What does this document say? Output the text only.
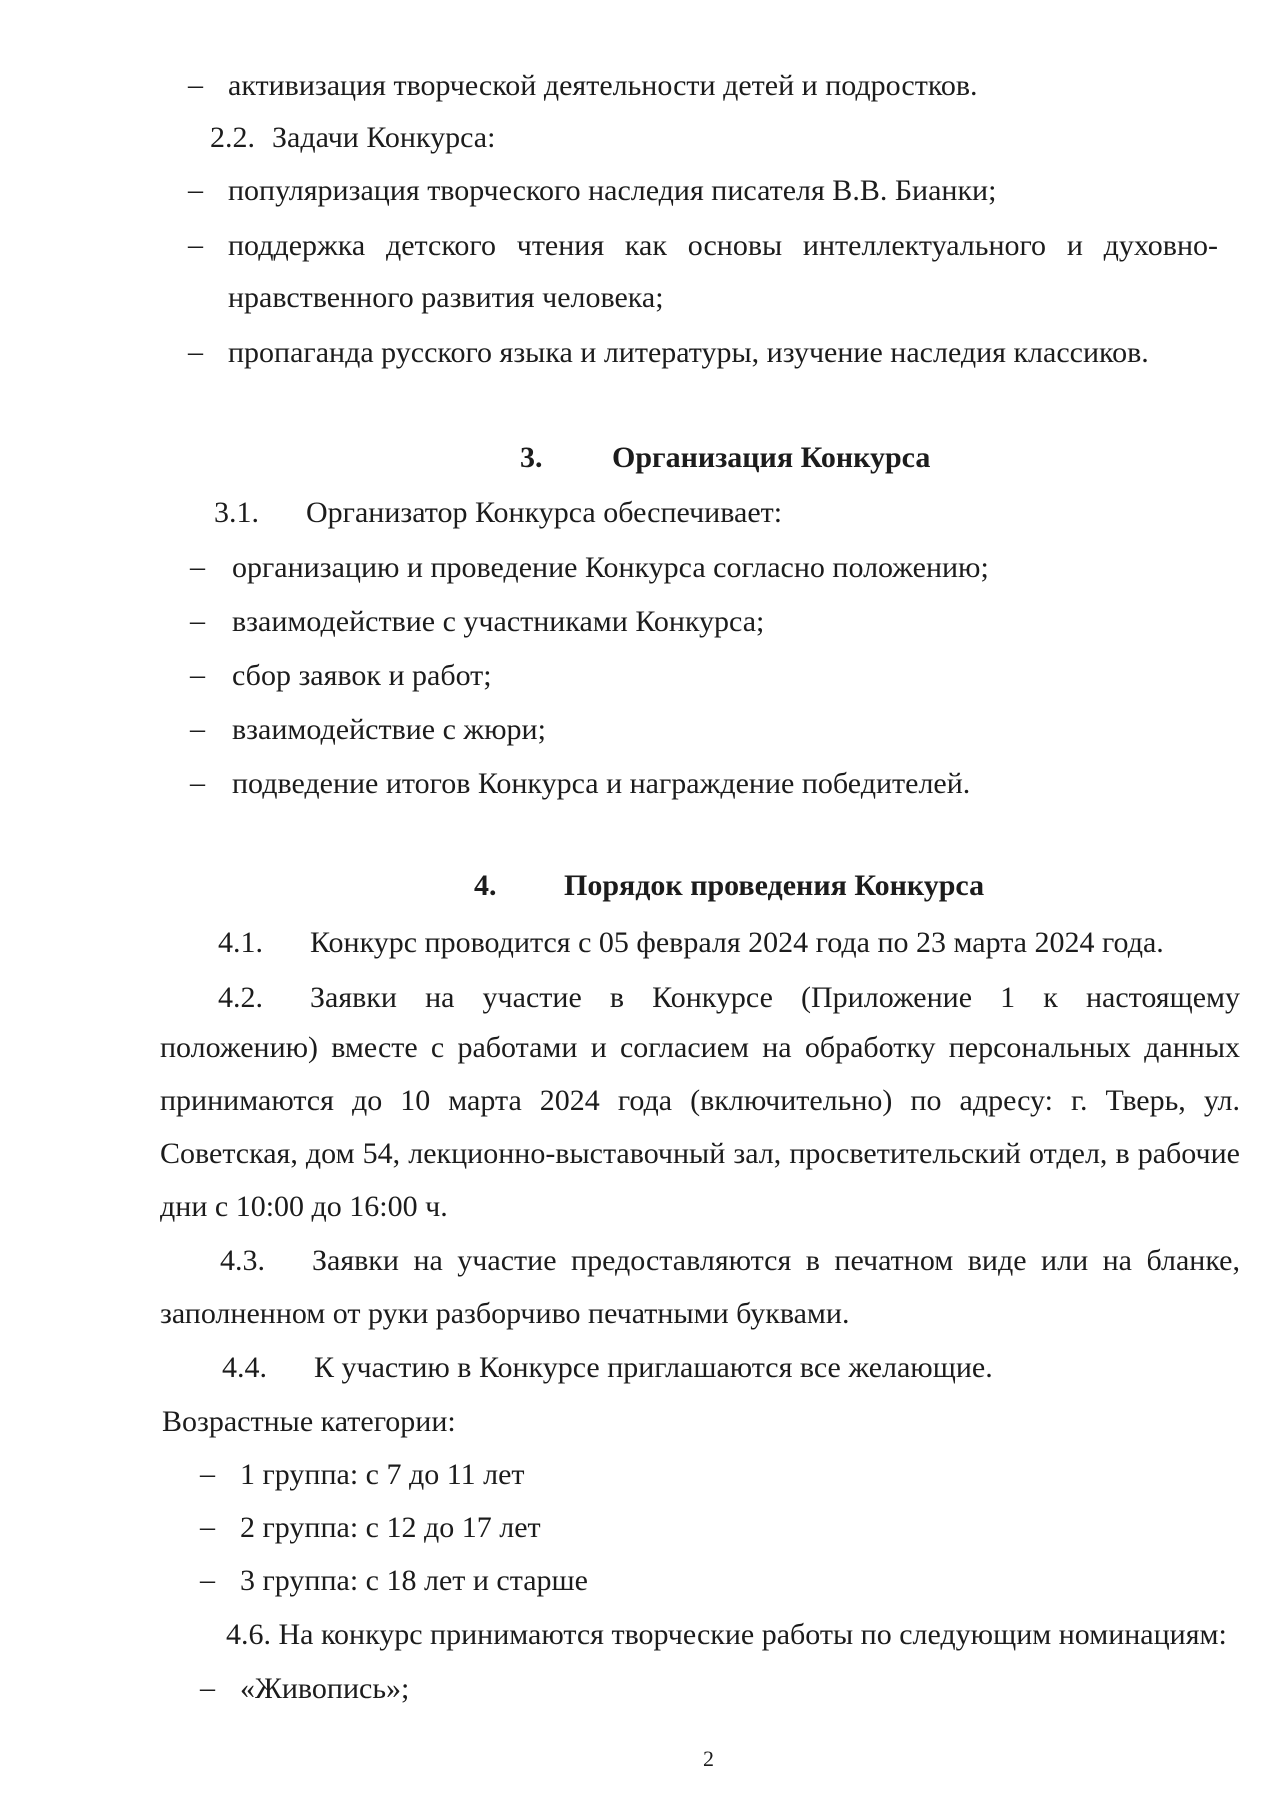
– активизация творческой деятельности детей и подростков.
2.2. Задачи Конкурса:
– популяризация творческого наследия писателя В.В. Бианки;
– поддержка детского чтения как основы интеллектуального и духовно-
нравственного развития человека;
– пропаганда русского языка и литературы, изучение наследия классиков.
3. Организация Конкурса
3.1. Организатор Конкурса обеспечивает:
– организацию и проведение Конкурса согласно положению;
– взаимодействие с участниками Конкурса;
– сбор заявок и работ;
– взаимодействие с жюри;
– подведение итогов Конкурса и награждение победителей.
4. Порядок проведения Конкурса
4.1. Конкурс проводится с 05 февраля 2024 года по 23 марта 2024 года.
4.2. Заявки на участие в Конкурсе (Приложение 1 к настоящему
положению) вместе с работами и согласием на обработку персональных данных
принимаются до 10 марта 2024 года (включительно) по адресу: г. Тверь, ул.
Советская, дом 54, лекционно-выставочный зал, просветительский отдел, в рабочие
дни с 10:00 до 16:00 ч.
4.3. Заявки на участие предоставляются в печатном виде или на бланке,
заполненном от руки разборчиво печатными буквами.
4.4. К участию в Конкурсе приглашаются все желающие.
Возрастные категории:
– 1 группа: с 7 до 11 лет
– 2 группа: с 12 до 17 лет
– 3 группа: с 18 лет и старше
4.6. На конкурс принимаются творческие работы по следующим номинациям:
– «Живопись»;
2
